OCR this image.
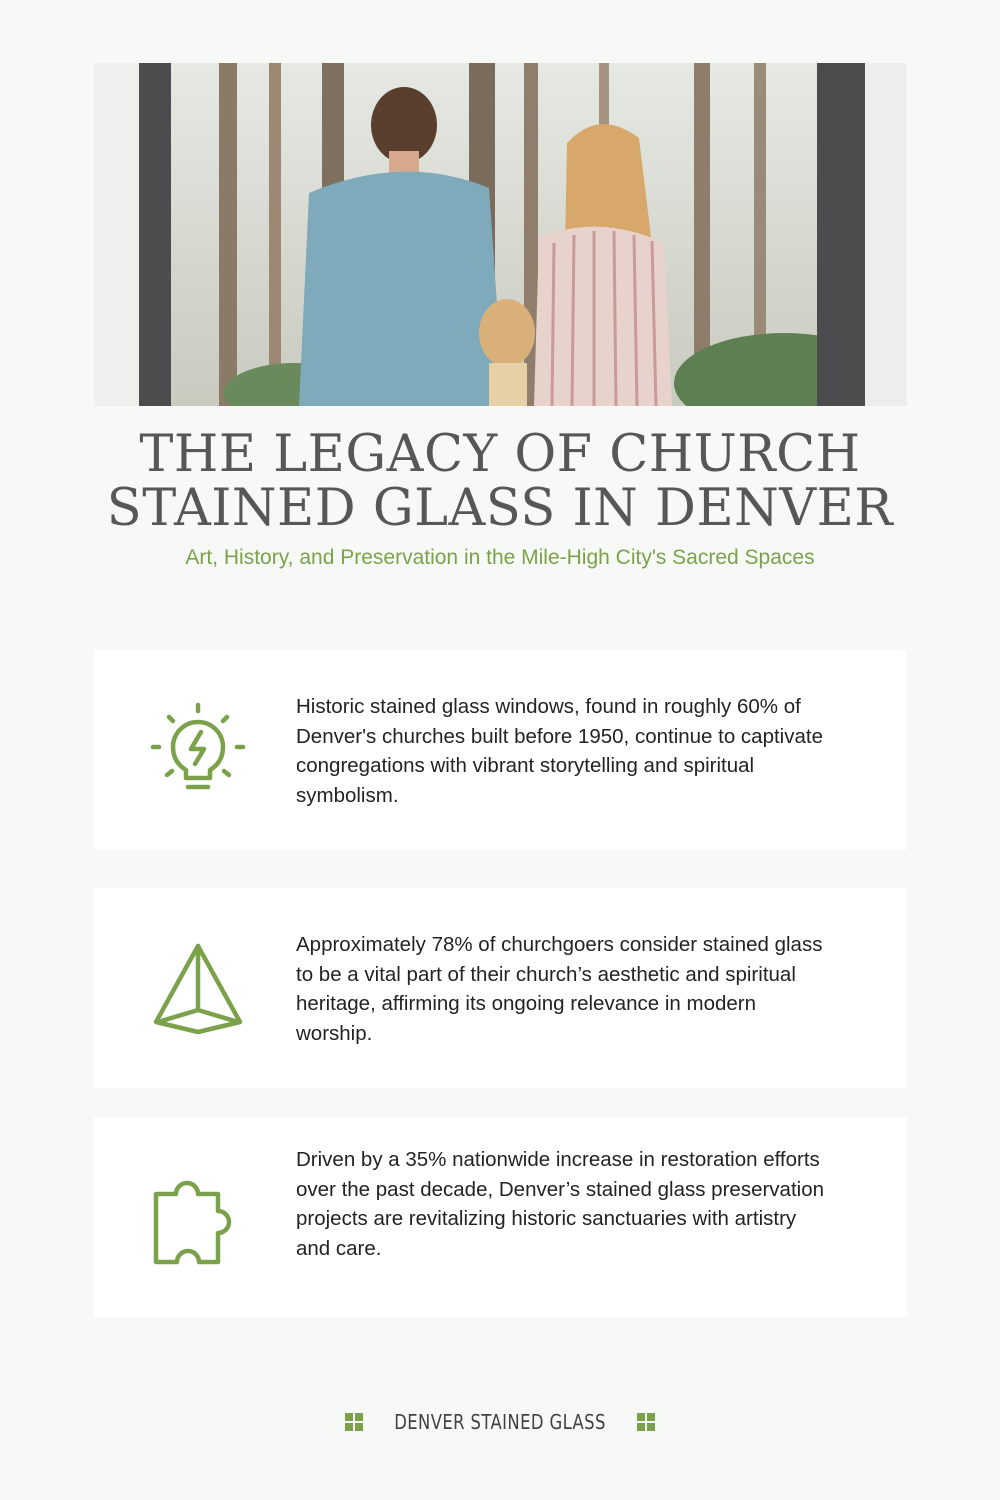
THE LEGACY OF CHURCH STAINED GLASS IN DENVER

Art, History, and Preservation in the Mile-High City's Sacred Spaces

Historic stained glass windows, found in roughly 60% of Denver's churches built before 1950, continue to captivate congregations with vibrant storytelling and spiritual symbolism.

Approximately 78% of churchgoers consider stained glass to be a vital part of their church’s aesthetic and spiritual heritage, affirming its ongoing relevance in modern worship.

Driven by a 35% nationwide increase in restoration efforts over the past decade, Denver’s stained glass preservation projects are revitalizing historic sanctuaries with artistry and care.

DENVER STAINED GLASS
